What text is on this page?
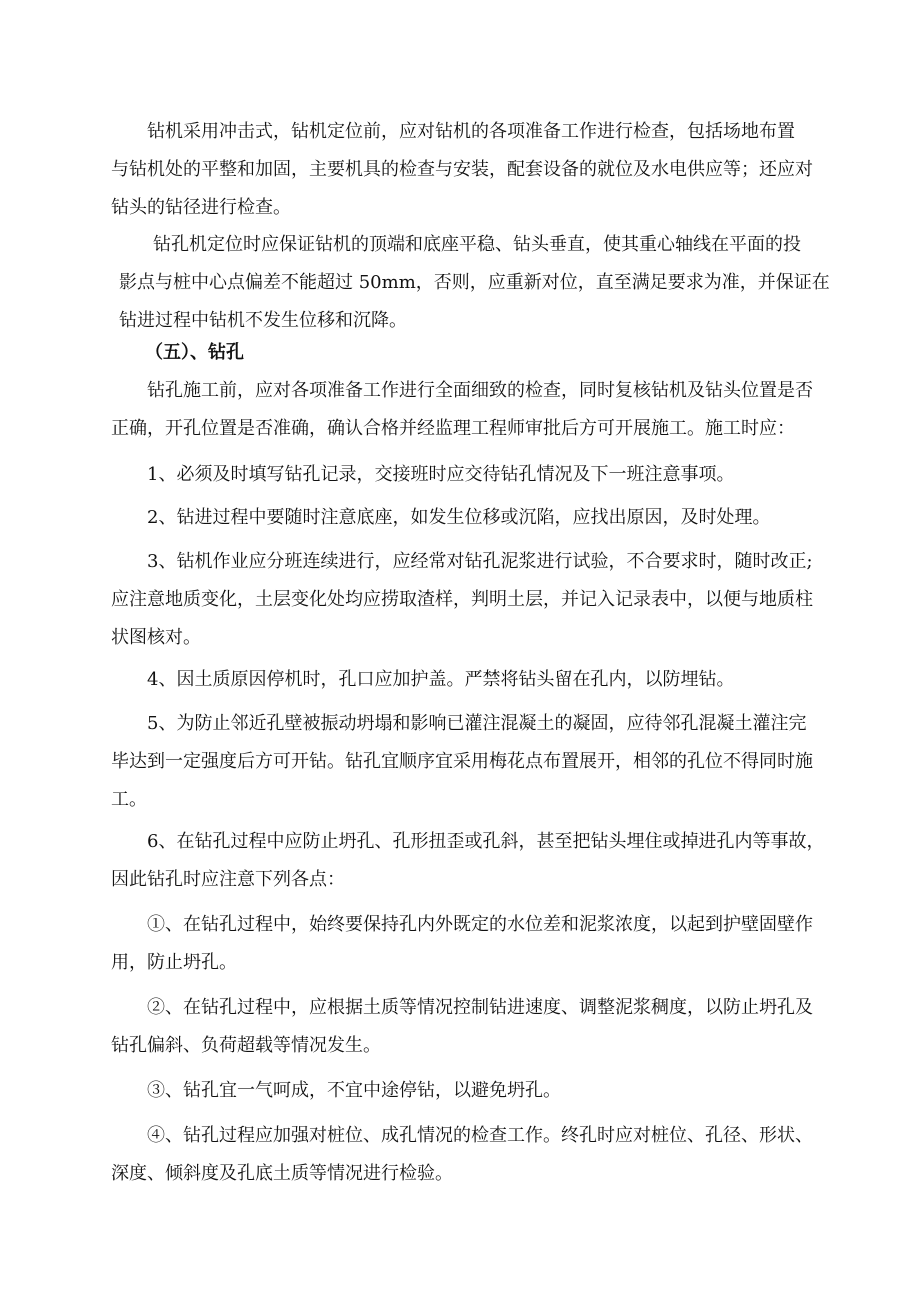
钻机采用冲击式，钻机定位前，应对钻机的各项准备工作进行检查，包括场地布置
与钻机处的平整和加固，主要机具的检查与安装，配套设备的就位及水电供应等；还应对
钻头的钻径进行检查。
钻孔机定位时应保证钻机的顶端和底座平稳、钻头垂直，使其重心轴线在平面的投
影点与桩中心点偏差不能超过 50mm，否则，应重新对位，直至满足要求为准，并保证在
钻进过程中钻机不发生位移和沉降。
（五）、钻孔
钻孔施工前，应对各项准备工作进行全面细致的检查，同时复核钻机及钻头位置是否
正确，开孔位置是否准确，确认合格并经监理工程师审批后方可开展施工。施工时应：
1、必须及时填写钻孔记录，交接班时应交待钻孔情况及下一班注意事项。
2、钻进过程中要随时注意底座，如发生位移或沉陷，应找出原因，及时处理。
3、钻机作业应分班连续进行，应经常对钻孔泥浆进行试验，不合要求时，随时改正;
应注意地质变化，土层变化处均应捞取渣样，判明土层，并记入记录表中，以便与地质柱
状图核对。
4、因土质原因停机时，孔口应加护盖。严禁将钻头留在孔内，以防埋钻。
5、为防止邻近孔壁被振动坍塌和影响已灌注混凝土的凝固，应待邻孔混凝土灌注完
毕达到一定强度后方可开钻。钻孔宜顺序宜采用梅花点布置展开，相邻的孔位不得同时施
工。
6、在钻孔过程中应防止坍孔、孔形扭歪或孔斜，甚至把钻头埋住或掉进孔内等事故，
因此钻孔时应注意下列各点：
①、在钻孔过程中，始终要保持孔内外既定的水位差和泥浆浓度，以起到护壁固壁作
用，防止坍孔。
②、在钻孔过程中，应根据土质等情况控制钻进速度、调整泥浆稠度，以防止坍孔及
钻孔偏斜、负荷超载等情况发生。
③、钻孔宜一气呵成，不宜中途停钻，以避免坍孔。
④、钻孔过程应加强对桩位、成孔情况的检查工作。终孔时应对桩位、孔径、形状、
深度、倾斜度及孔底土质等情况进行检验。
